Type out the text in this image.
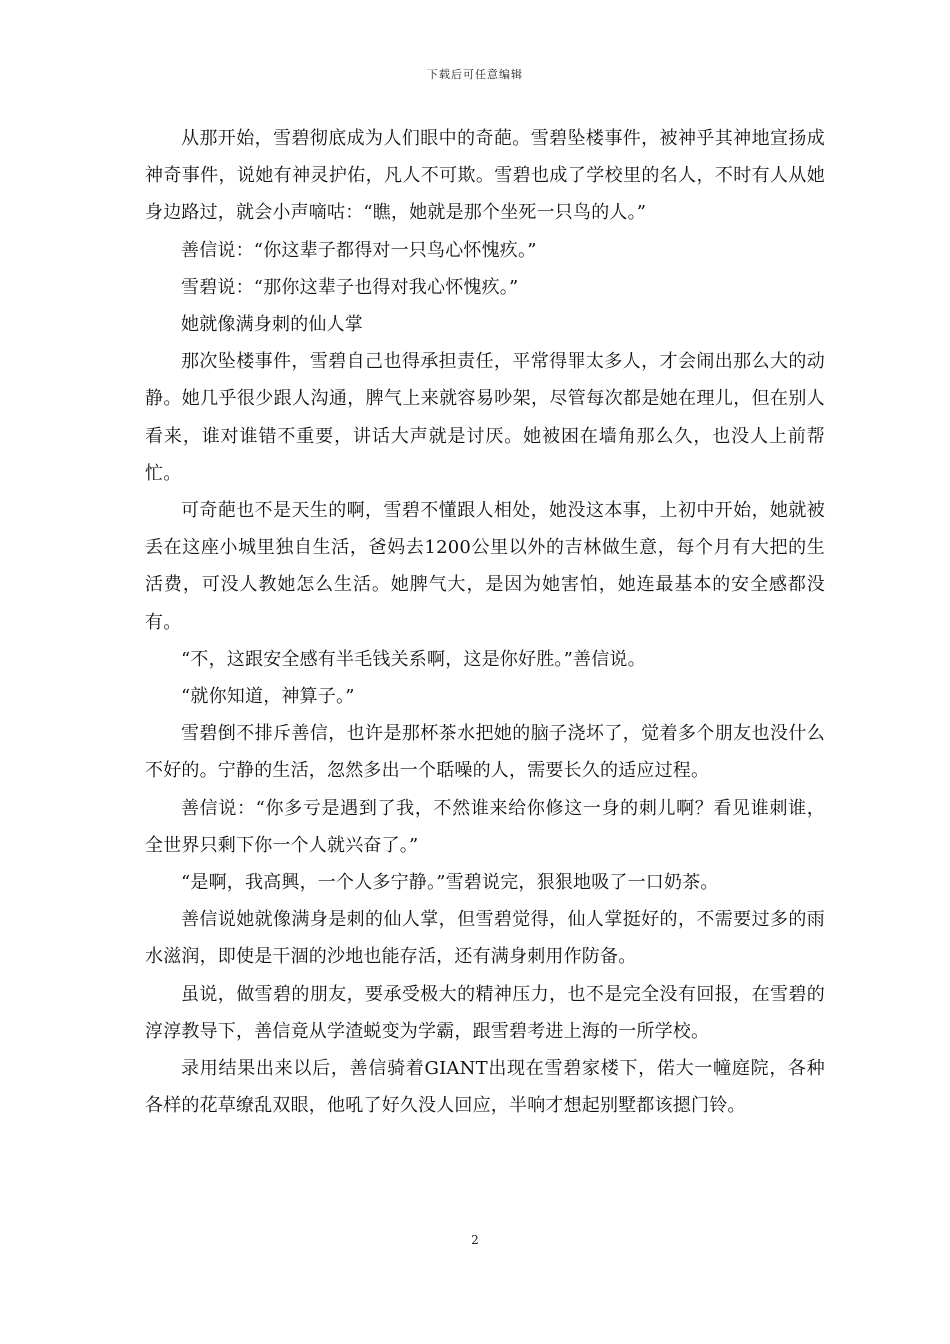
下载后可任意编辑

从那开始，雪碧彻底成为人们眼中的奇葩。雪碧坠楼事件，被神乎其神地宣扬成神奇事件，说她有神灵护佑，凡人不可欺。雪碧也成了学校里的名人，不时有人从她身边路过，就会小声嘀咕：“瞧，她就是那个坐死一只鸟的人。”

善信说：“你这辈子都得对一只鸟心怀愧疚。”

雪碧说：“那你这辈子也得对我心怀愧疚。”

她就像满身刺的仙人掌

那次坠楼事件，雪碧自己也得承担责任，平常得罪太多人，才会闹出那么大的动静。她几乎很少跟人沟通，脾气上来就容易吵架，尽管每次都是她在理儿，但在别人看来，谁对谁错不重要，讲话大声就是讨厌。她被困在墙角那么久，也没人上前帮忙。

可奇葩也不是天生的啊，雪碧不懂跟人相处，她没这本事，上初中开始，她就被丢在这座小城里独自生活，爸妈去1200公里以外的吉林做生意，每个月有大把的生活费，可没人教她怎么生活。她脾气大，是因为她害怕，她连最基本的安全感都没有。

“不，这跟安全感有半毛钱关系啊，这是你好胜。”善信说。

“就你知道，神算子。”

雪碧倒不排斥善信，也许是那杯茶水把她的脑子浇坏了，觉着多个朋友也没什么不好的。宁静的生活，忽然多出一个聒噪的人，需要长久的适应过程。

善信说：“你多亏是遇到了我，不然谁来给你修这一身的刺儿啊？看见谁刺谁，全世界只剩下你一个人就兴奋了。”

“是啊，我高興，一个人多宁静。”雪碧说完，狠狠地吸了一口奶茶。

善信说她就像满身是刺的仙人掌，但雪碧觉得，仙人掌挺好的，不需要过多的雨水滋润，即使是干涸的沙地也能存活，还有满身刺用作防备。

虽说，做雪碧的朋友，要承受极大的精神压力，也不是完全没有回报，在雪碧的淳淳教导下，善信竟从学渣蜕变为学霸，跟雪碧考进上海的一所学校。

录用结果出来以后，善信骑着GIANT出现在雪碧家楼下，偌大一幢庭院，各种各样的花草缭乱双眼，他吼了好久没人回应，半响才想起别墅都该摁门铃。

2
